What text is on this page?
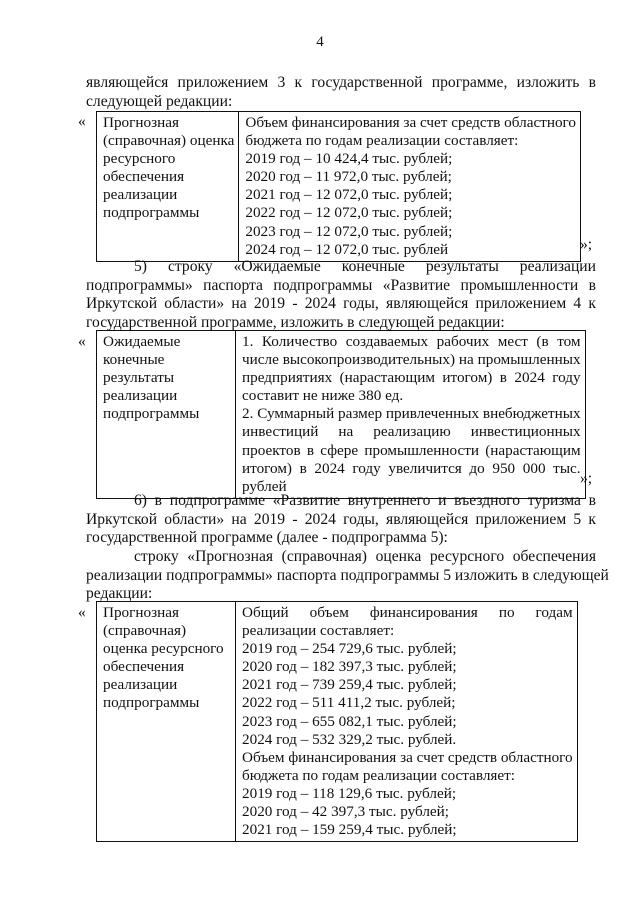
4
являющейся приложением 3 к государственной программе, изложить в
следующей редакции:
« Прогнозная
(справочная) оценка
ресурсного
обеспечения
реализации
подпрограммы

Объем финансирования за счет средств областного
бюджета по годам реализации составляет:
2019 год – 10 424,4 тыс. рублей;
2020 год – 11 972,0 тыс. рублей;
2021 год – 12 072,0 тыс. рублей;
2022 год – 12 072,0 тыс. рублей;
2023 год – 12 072,0 тыс. рублей;
2024 год – 12 072,0 тыс. рублей	»;
5) строку «Ожидаемые конечные результаты реализации
подпрограммы» паспорта подпрограммы «Развитие промышленности в
Иркутской области» на 2019 - 2024 годы, являющейся приложением 4 к
государственной программе, изложить в следующей редакции:
« Ожидаемые
конечные
результаты
реализации
подпрограммы

1. Количество создаваемых рабочих мест (в том
числе высокопроизводительных) на промышленных
предприятиях (нарастающим итогом) в 2024 году
составит не ниже 380 ед.
2. Суммарный размер привлеченных внебюджетных
инвестиций на реализацию инвестиционных
проектов в сфере промышленности (нарастающим
итогом) в 2024 году увеличится до 950 000 тыс.
рублей	»;
6) в подпрограмме «Развитие внутреннего и въездного туризма в
Иркутской области» на 2019 - 2024 годы, являющейся приложением 5 к
государственной программе (далее - подпрограмма 5):
строку «Прогнозная (справочная) оценка ресурсного обеспечения
реализации подпрограммы» паспорта подпрограммы 5 изложить в следующей
редакции:
« Прогнозная
(справочная)
оценка ресурсного
обеспечения
реализации
подпрограммы

Общий объем финансирования по годам
реализации составляет:
2019 год – 254 729,6 тыс. рублей;
2020 год – 182 397,3 тыс. рублей;
2021 год – 739 259,4 тыс. рублей;
2022 год – 511 411,2 тыс. рублей;
2023 год – 655 082,1 тыс. рублей;
2024 год – 532 329,2 тыс. рублей.
Объем финансирования за счет средств областного
бюджета по годам реализации составляет:
2019 год – 118 129,6 тыс. рублей;
2020 год – 42 397,3 тыс. рублей;
2021 год – 159 259,4 тыс. рублей;
